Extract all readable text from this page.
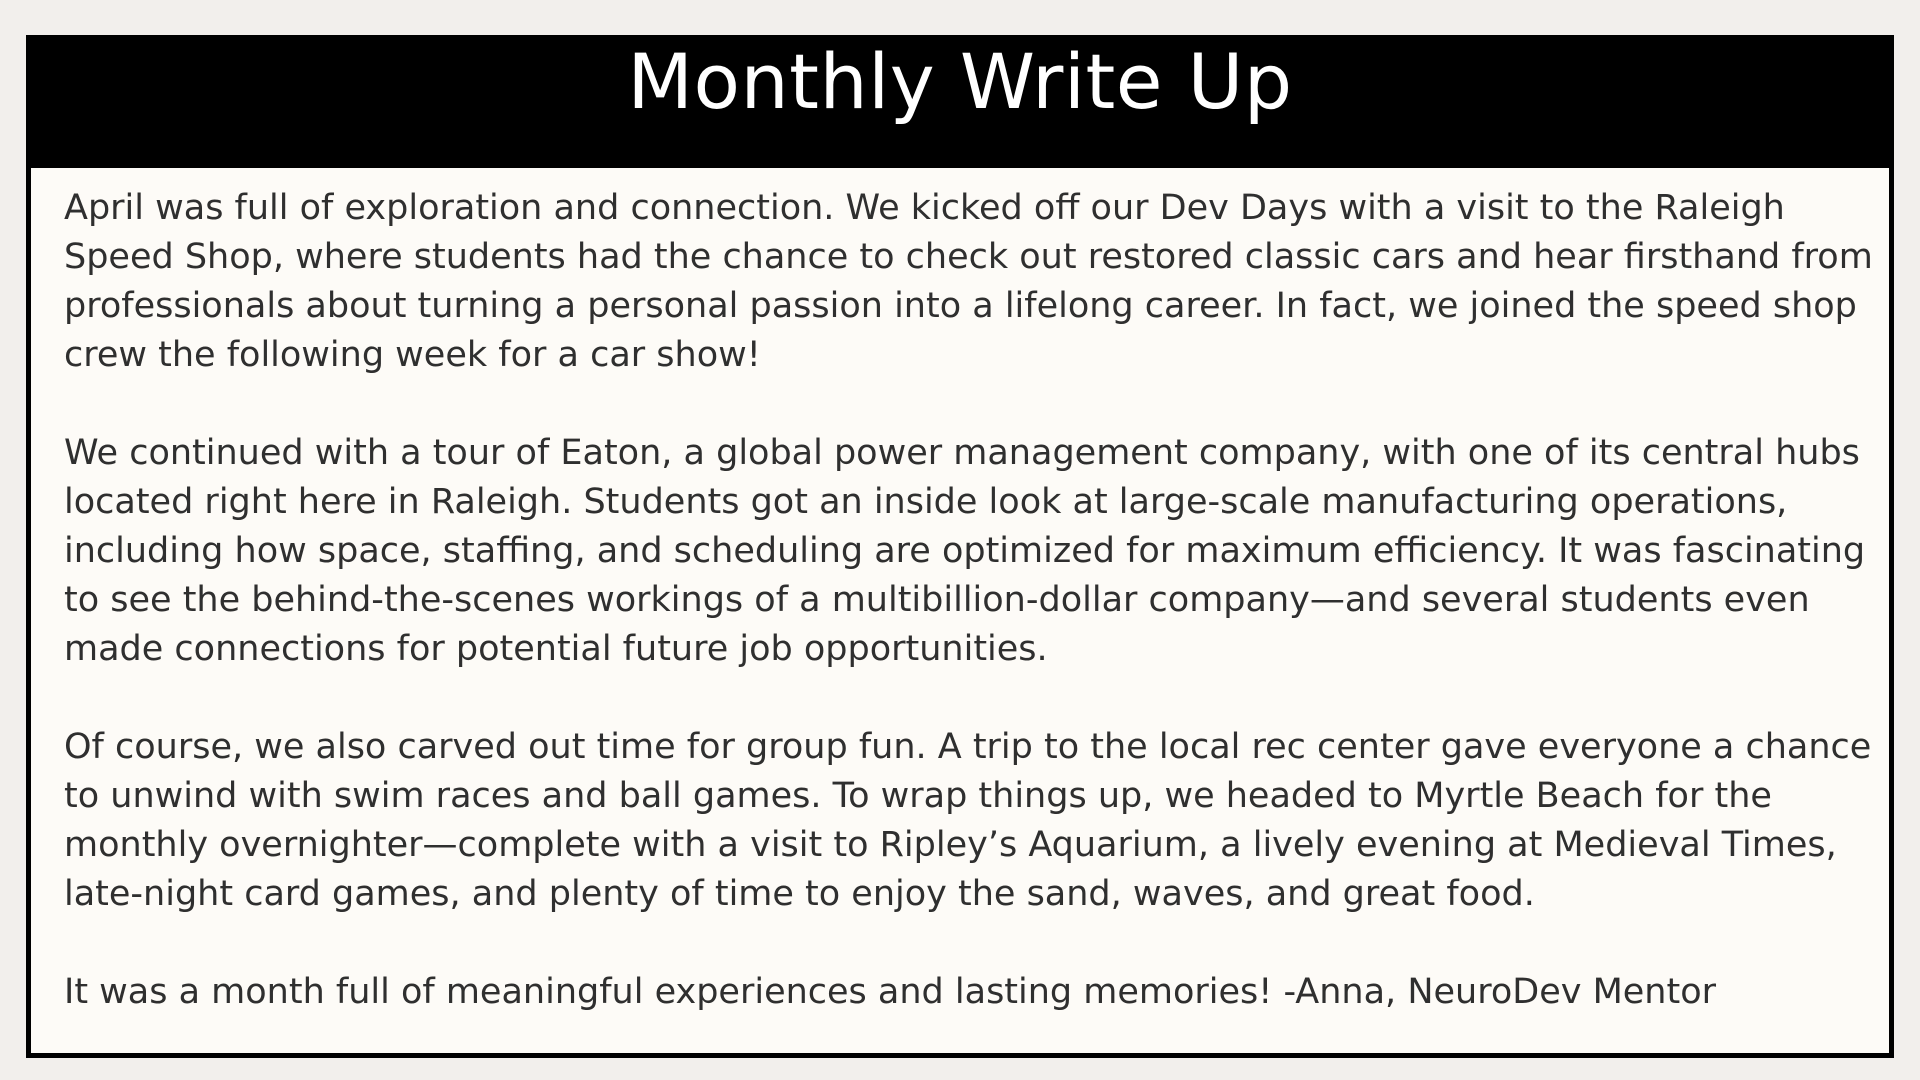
Monthly Write Up

April was full of exploration and connection. We kicked off our Dev Days with a visit to the Raleigh Speed Shop, where students had the chance to check out restored classic cars and hear firsthand from professionals about turning a personal passion into a lifelong career. In fact, we joined the speed shop crew the following week for a car show!

We continued with a tour of Eaton, a global power management company, with one of its central hubs located right here in Raleigh. Students got an inside look at large-scale manufacturing operations, including how space, staffing, and scheduling are optimized for maximum efficiency. It was fascinating to see the behind-the-scenes workings of a multibillion-dollar company—and several students even made connections for potential future job opportunities.

Of course, we also carved out time for group fun. A trip to the local rec center gave everyone a chance to unwind with swim races and ball games. To wrap things up, we headed to Myrtle Beach for the monthly overnighter—complete with a visit to Ripley’s Aquarium, a lively evening at Medieval Times, late-night card games, and plenty of time to enjoy the sand, waves, and great food.

It was a month full of meaningful experiences and lasting memories! -Anna, NeuroDev Mentor
